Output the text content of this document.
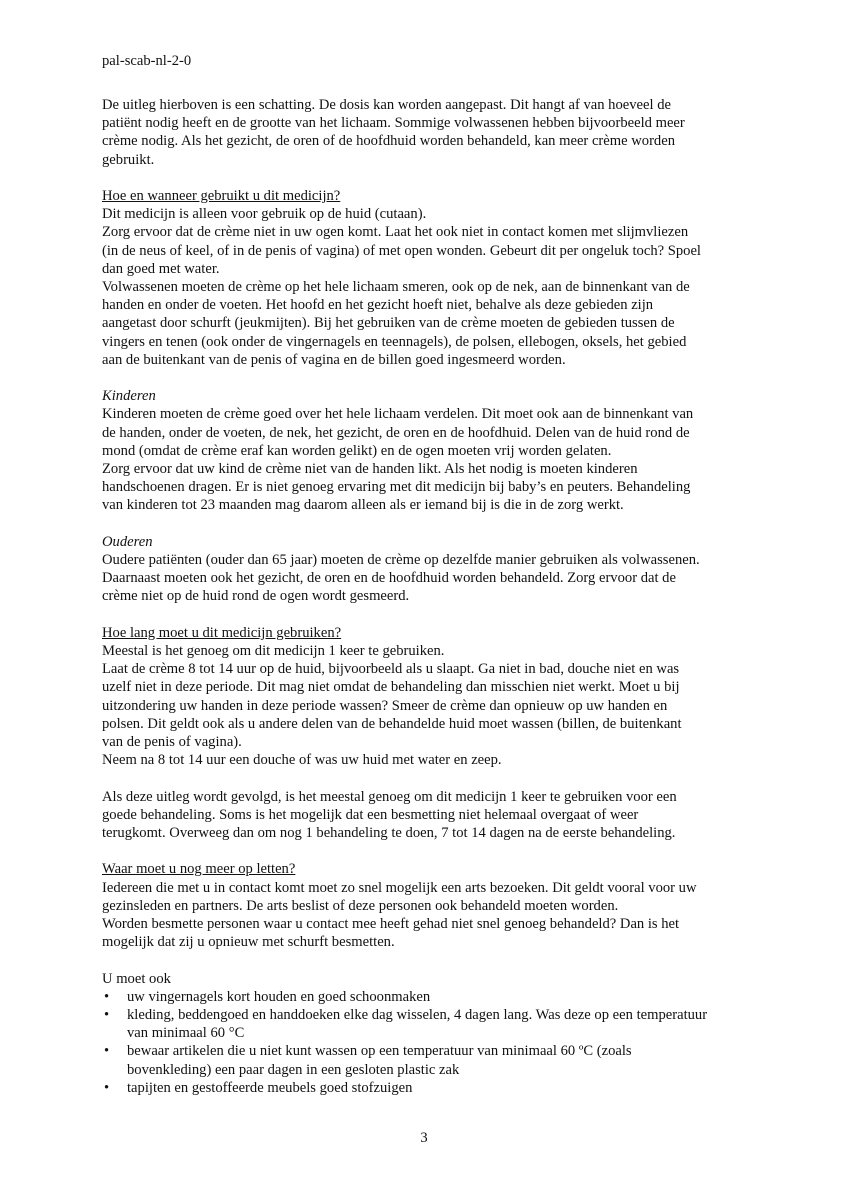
pal-scab-nl-2-0

De uitleg hierboven is een schatting. De dosis kan worden aangepast. Dit hangt af van hoeveel de
patiënt nodig heeft en de grootte van het lichaam. Sommige volwassenen hebben bijvoorbeeld meer
crème nodig. Als het gezicht, de oren of de hoofdhuid worden behandeld, kan meer crème worden
gebruikt.

Hoe en wanneer gebruikt u dit medicijn?
Dit medicijn is alleen voor gebruik op de huid (cutaan).
Zorg ervoor dat de crème niet in uw ogen komt. Laat het ook niet in contact komen met slijmvliezen
(in de neus of keel, of in de penis of vagina) of met open wonden. Gebeurt dit per ongeluk toch? Spoel
dan goed met water.
Volwassenen moeten de crème op het hele lichaam smeren, ook op de nek, aan de binnenkant van de
handen en onder de voeten. Het hoofd en het gezicht hoeft niet, behalve als deze gebieden zijn
aangetast door schurft (jeukmijten). Bij het gebruiken van de crème moeten de gebieden tussen de
vingers en tenen (ook onder de vingernagels en teennagels), de polsen, ellebogen, oksels, het gebied
aan de buitenkant van de penis of vagina en de billen goed ingesmeerd worden.
Kinderen
Kinderen moeten de crème goed over het hele lichaam verdelen. Dit moet ook aan de binnenkant van
de handen, onder de voeten, de nek, het gezicht, de oren en de hoofdhuid. Delen van de huid rond de
mond (omdat de crème eraf kan worden gelikt) en de ogen moeten vrij worden gelaten.
Zorg ervoor dat uw kind de crème niet van de handen likt. Als het nodig is moeten kinderen
handschoenen dragen. Er is niet genoeg ervaring met dit medicijn bij baby’s en peuters. Behandeling
van kinderen tot 23 maanden mag daarom alleen als er iemand bij is die in de zorg werkt.
Ouderen
Oudere patiënten (ouder dan 65 jaar) moeten de crème op dezelfde manier gebruiken als volwassenen.
Daarnaast moeten ook het gezicht, de oren en de hoofdhuid worden behandeld. Zorg ervoor dat de
crème niet op de huid rond de ogen wordt gesmeerd.
Hoe lang moet u dit medicijn gebruiken?
Meestal is het genoeg om dit medicijn 1 keer te gebruiken.
Laat de crème 8 tot 14 uur op de huid, bijvoorbeeld als u slaapt. Ga niet in bad, douche niet en was
uzelf niet in deze periode. Dit mag niet omdat de behandeling dan misschien niet werkt. Moet u bij
uitzondering uw handen in deze periode wassen? Smeer de crème dan opnieuw op uw handen en
polsen. Dit geldt ook als u andere delen van de behandelde huid moet wassen (billen, de buitenkant
van de penis of vagina).
Neem na 8 tot 14 uur een douche of was uw huid met water en zeep.
Als deze uitleg wordt gevolgd, is het meestal genoeg om dit medicijn 1 keer te gebruiken voor een
goede behandeling. Soms is het mogelijk dat een besmetting niet helemaal overgaat of weer
terugkomt. Overweeg dan om nog 1 behandeling te doen, 7 tot 14 dagen na de eerste behandeling.
Waar moet u nog meer op letten?
Iedereen die met u in contact komt moet zo snel mogelijk een arts bezoeken. Dit geldt vooral voor uw
gezinsleden en partners. De arts beslist of deze personen ook behandeld moeten worden.
Worden besmette personen waar u contact mee heeft gehad niet snel genoeg behandeld? Dan is het
mogelijk dat zij u opnieuw met schurft besmetten.
U moet ook
• uw vingernagels kort houden en goed schoonmaken
• kleding, beddengoed en handdoeken elke dag wisselen, 4 dagen lang. Was deze op een temperatuur
van minimaal 60 °C
• bewaar artikelen die u niet kunt wassen op een temperatuur van minimaal 60 ºC (zoals
bovenkleding) een paar dagen in een gesloten plastic zak
• tapijten en gestoffeerde meubels goed stofzuigen
3
